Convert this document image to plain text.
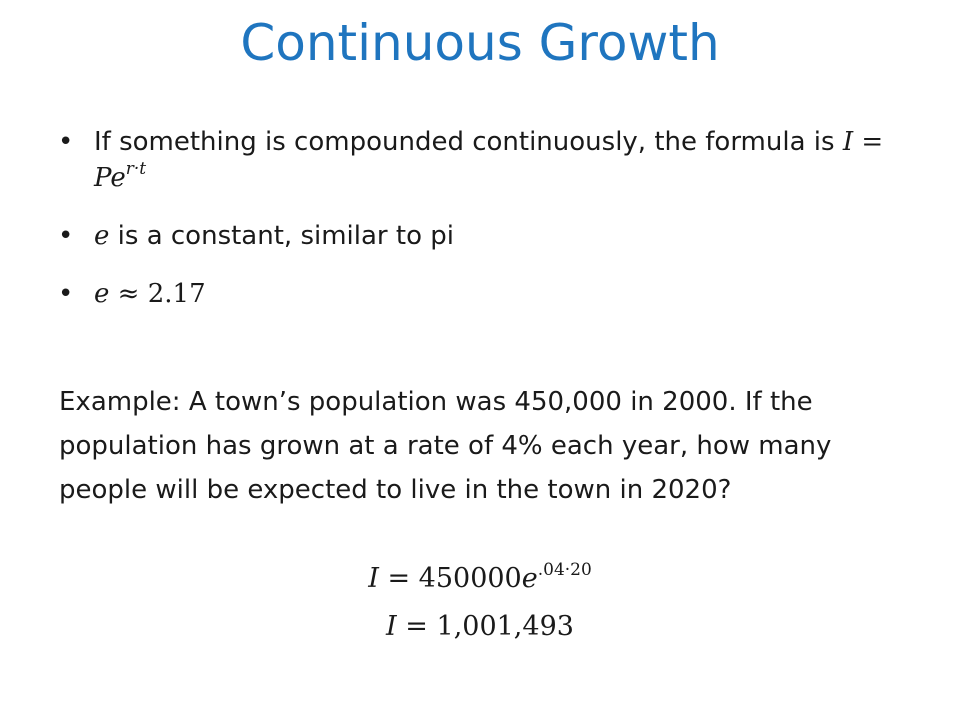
Continuous Growth
• If something is compounded continuously, the formula is $I = Pe^{r\cdot t}$
• e is a constant, similar to pi
• e ≈ 2.17
Example: A town’s population was 450,000 in 2000. If the population has grown at a rate of 4% each year, how many people will be expected to live in the town in 2020?
$I = 450000e^{.04\cdot 20}$
I = 1,001,493
